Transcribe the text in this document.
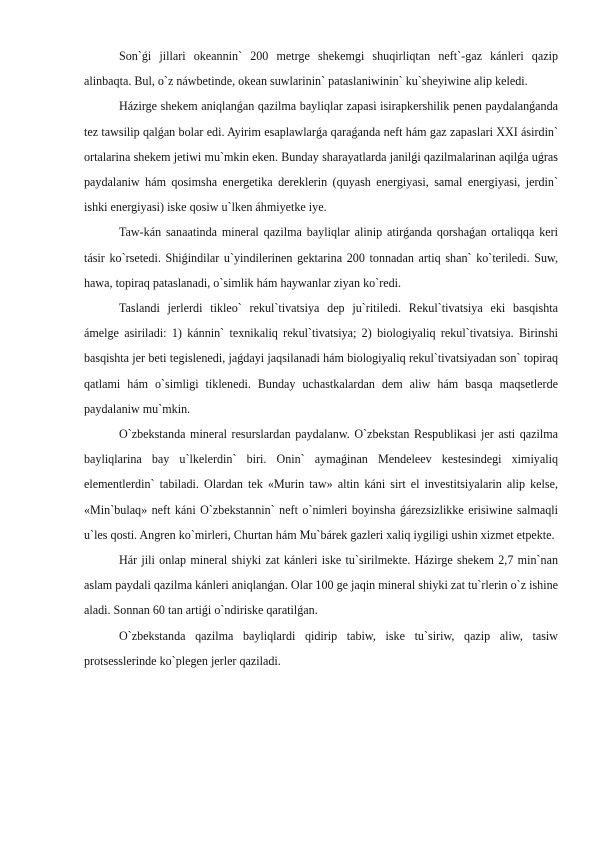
Son`ǵi jillari okeannin` 200 metrge shekemgi shuqirliqtan neft`-gaz kánleri qazip alinbaqta. Bul, o`z náwbetinde, okean suwlarinin` pataslaniwinin` ku`sheyiwine alip keledi.

Házirge shekem aniqlanǵan qazilma bayliqlar zapasi isirapkershilik penen paydalanǵanda tez tawsilip qalǵan bolar edi. Ayirim esaplawlarǵa qaraǵanda neft hám gaz zapaslari XXI ásirdin` ortalarina shekem jetiwi mu`mkin eken. Bunday sharayatlarda janilǵi qazilmalarinan aqilǵa uǵras paydalaniw hám qosimsha energetika dereklerin (quyash energiyasi, samal energiyasi, jerdin` ishki energiyasi) iske qosiw u`lken áhmiyetke iye.

Taw-kán sanaatinda mineral qazilma bayliqlar alinip atirǵanda qorshaǵan ortaliqqa keri tásir ko`rsetedi. Shiǵindilar u`yindilerinen gektarina 200 tonnadan artiq shan` ko`teriledi. Suw, hawa, topiraq pataslanadi, o`simlik hám haywanlar ziyan ko`redi.

Taslandi jerlerdi tikleo` rekul`tivatsiya dep ju`ritiledi. Rekul`tivatsiya eki basqishta ámelge asiriladi: 1) kánnin` texnikaliq rekul`tivatsiya; 2) biologiyaliq rekul`tivatsiya. Birinshi basqishta jer beti tegislenedi, jaǵdayi jaqsilanadi hám biologiyaliq rekul`tivatsiyadan son` topiraq qatlami hám o`simligi tiklenedi. Bunday uchastkalardan dem aliw hám basqa maqsetlerde paydalaniw mu`mkin.

O`zbekstanda mineral resurslardan paydalanw. O`zbekstan Respublikasi jer asti qazilma bayliqlarina bay u`lkelerdin` biri. Onin` aymaǵinan Mendeleev kestesindegi ximiyaliq elementlerdin` tabiladi. Olardan tek «Murin taw» altin káni sirt el investitsiyalarin alip kelse, «Min`bulaq» neft káni O`zbekstannin` neft o`nimleri boyinsha ǵárezsizlikke erisiwine salmaqli u`les qosti. Angren ko`mirleri, Churtan hám Mu`bárek gazleri xaliq iygiligi ushin xizmet etpekte.

Hár jili onlap mineral shiyki zat kánleri iske tu`sirilmekte. Házirge shekem 2,7 min`nan aslam paydali qazilma kánleri aniqlanǵan. Olar 100 ge jaqin mineral shiyki zat tu`rlerin o`z ishine aladi. Sonnan 60 tan artiǵi o`ndiriske qaratilǵan.

O`zbekstanda qazilma bayliqlardi qidirip tabiw, iske tu`siriw, qazip aliw, tasiw protsesslerinde ko`plegen jerler qaziladi.
